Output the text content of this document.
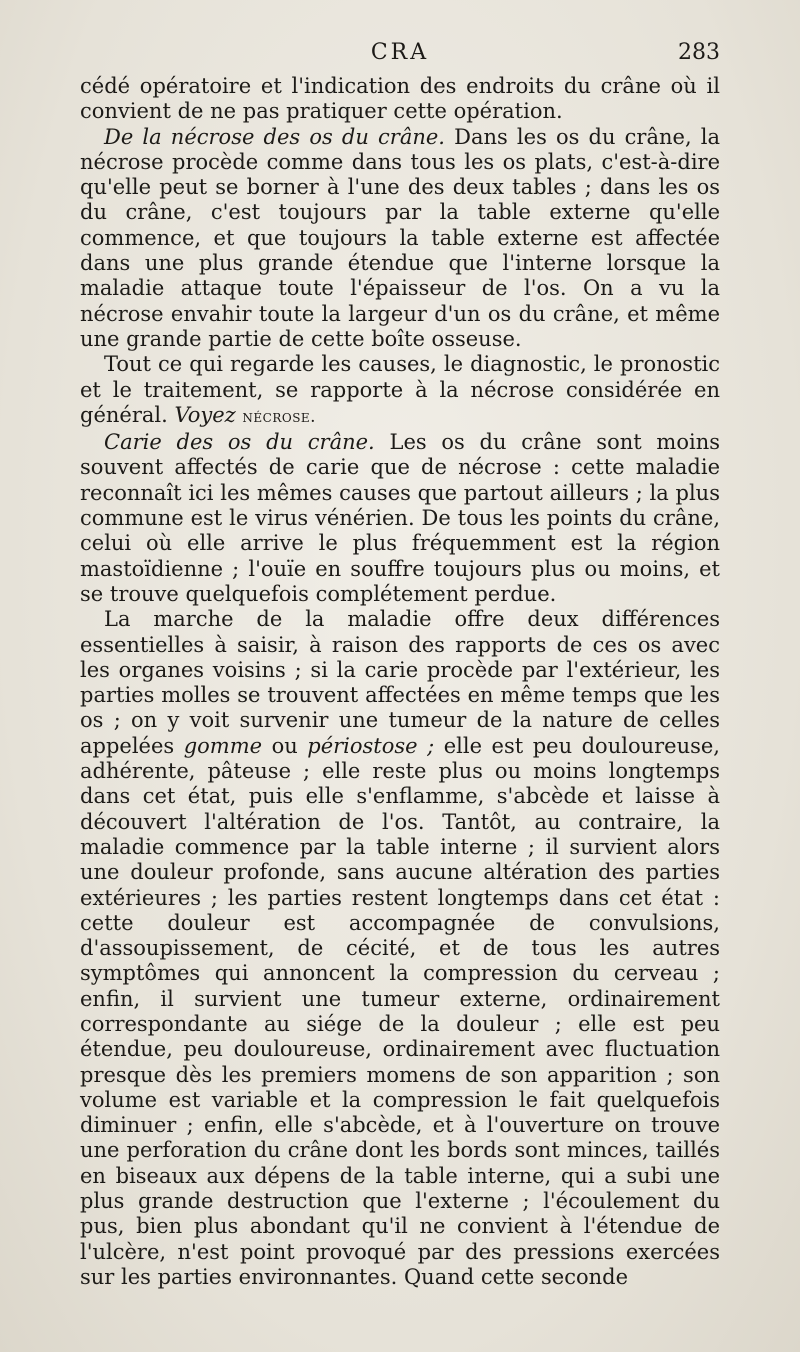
CRA	283

cédé opératoire et l'indication des endroits du crâne où il convient de ne pas pratiquer cette opération.

De la nécrose des os du crâne. Dans les os du crâne, la nécrose procède comme dans tous les os plats, c'est-à-dire qu'elle peut se borner à l'une des deux tables ; dans les os du crâne, c'est toujours par la table externe qu'elle commence, et que toujours la table externe est affectée dans une plus grande étendue que l'interne lorsque la maladie attaque toute l'épaisseur de l'os. On a vu la nécrose envahir toute la largeur d'un os du crâne, et même une grande partie de cette boîte osseuse.

Tout ce qui regarde les causes, le diagnostic, le pronostic et le traitement, se rapporte à la nécrose considérée en général. Voyez nécrose.

Carie des os du crâne. Les os du crâne sont moins souvent affectés de carie que de nécrose : cette maladie reconnaît ici les mêmes causes que partout ailleurs ; la plus commune est le virus vénérien. De tous les points du crâne, celui où elle arrive le plus fréquemment est la région mastoïdienne ; l'ouïe en souffre toujours plus ou moins, et se trouve quelquefois complétement perdue.

La marche de la maladie offre deux différences essentielles à saisir, à raison des rapports de ces os avec les organes voisins ; si la carie procède par l'extérieur, les parties molles se trouvent affectées en même temps que les os ; on y voit survenir une tumeur de la nature de celles appelées gomme ou périostose ; elle est peu douloureuse, adhérente, pâteuse ; elle reste plus ou moins longtemps dans cet état, puis elle s'enflamme, s'abcède et laisse à découvert l'altération de l'os. Tantôt, au contraire, la maladie commence par la table interne ; il survient alors une douleur profonde, sans aucune altération des parties extérieures ; les parties restent longtemps dans cet état : cette douleur est accompagnée de convulsions, d'assoupissement, de cécité, et de tous les autres symptômes qui annoncent la compression du cerveau ; enfin, il survient une tumeur externe, ordinairement correspondante au siége de la douleur ; elle est peu étendue, peu douloureuse, ordinairement avec fluctuation presque dès les premiers momens de son apparition ; son volume est variable et la compression le fait quelquefois diminuer ; enfin, elle s'abcède, et à l'ouverture on trouve une perforation du crâne dont les bords sont minces, taillés en biseaux aux dépens de la table interne, qui a subi une plus grande destruction que l'externe ; l'écoulement du pus, bien plus abondant qu'il ne convient à l'étendue de l'ulcère, n'est point provoqué par des pressions exercées sur les parties environnantes. Quand cette seconde
